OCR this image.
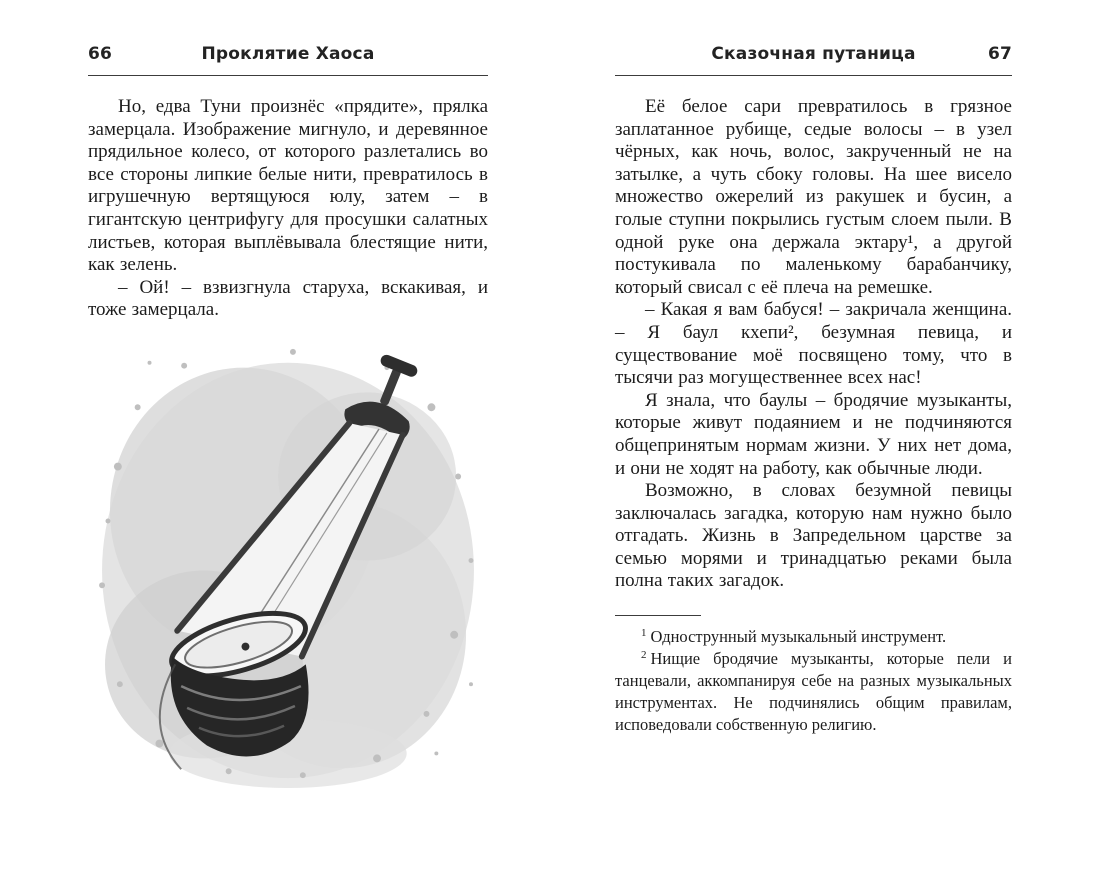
66	Проклятие Хаоса

Но, едва Туни произнёс «прядите», прялка замерцала. Изображение мигнуло, и деревянное прядильное колесо, от которого разлетались во все стороны липкие белые нити, превратилось в игрушечную вертящуюся юлу, затем – в гигантскую центрифугу для просушки салатных листьев, которая выплёвывала блестящие нити, как зелень.

– Ой! – взвизгнула старуха, вскакивая, и тоже замерцала.

Сказочная путаница	67

Её белое сари превратилось в грязное заплатанное рубище, седые волосы – в узел чёрных, как ночь, волос, закрученный не на затылке, а чуть сбоку головы. На шее висело множество ожерелий из ракушек и бусин, а голые ступни покрылись густым слоем пыли. В одной руке она держала эктару¹, а другой постукивала по маленькому барабанчику, который свисал с её плеча на ремешке.

– Какая я вам бабуся! – закричала женщина. – Я баул кхепи², безумная певица, и существование моё посвящено тому, что в тысячи раз могущественнее всех нас!

Я знала, что баулы – бродячие музыканты, которые живут подаянием и не подчиняются общепринятым нормам жизни. У них нет дома, и они не ходят на работу, как обычные люди.

Возможно, в словах безумной певицы заключалась загадка, которую нам нужно было отгадать. Жизнь в Запредельном царстве за семью морями и тринадцатью реками была полна таких загадок.

$^1$ Однострунный музыкальный инструмент.

$^2$ Нищие бродячие музыканты, которые пели и танцевали, аккомпанируя себе на разных музыкальных инструментах. Не подчинялись общим правилам, исповедовали собственную религию.
